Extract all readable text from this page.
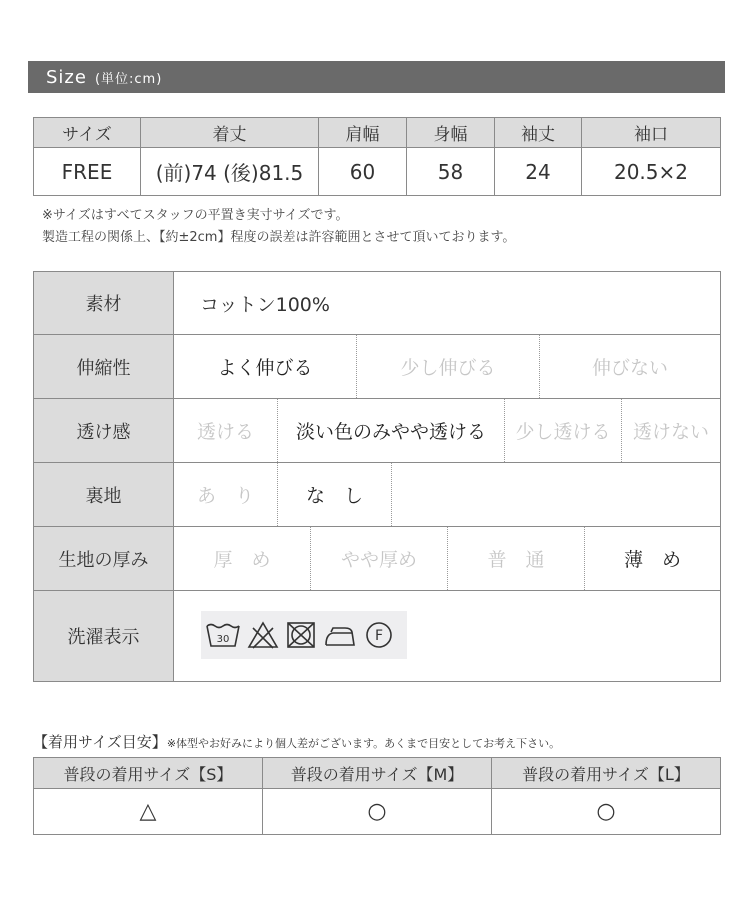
Size (単位:cm)
サイズ	着丈	肩幅	身幅	袖丈	袖口
FREE	(前)74 (後)81.5	60	58	24	20.5×2
※サイズはすべてスタッフの平置き実寸サイズです。
製造工程の関係上、【約±2cm】程度の誤差は許容範囲とさせて頂いております。
素材	コットン100%
伸縮性	よく伸びる	少し伸びる	伸びない
透け感	透ける	淡い色のみやや透ける	少し透ける	透けない
裏地	あ　り	な　し
生地の厚み	厚　め	やや厚め	普　通	薄　め
洗濯表示	30	F
【着用サイズ目安】※体型やお好みにより個人差がございます。あくまで目安としてお考え下さい。
普段の着用サイズ【S】	普段の着用サイズ【M】	普段の着用サイズ【L】
△	○	○
